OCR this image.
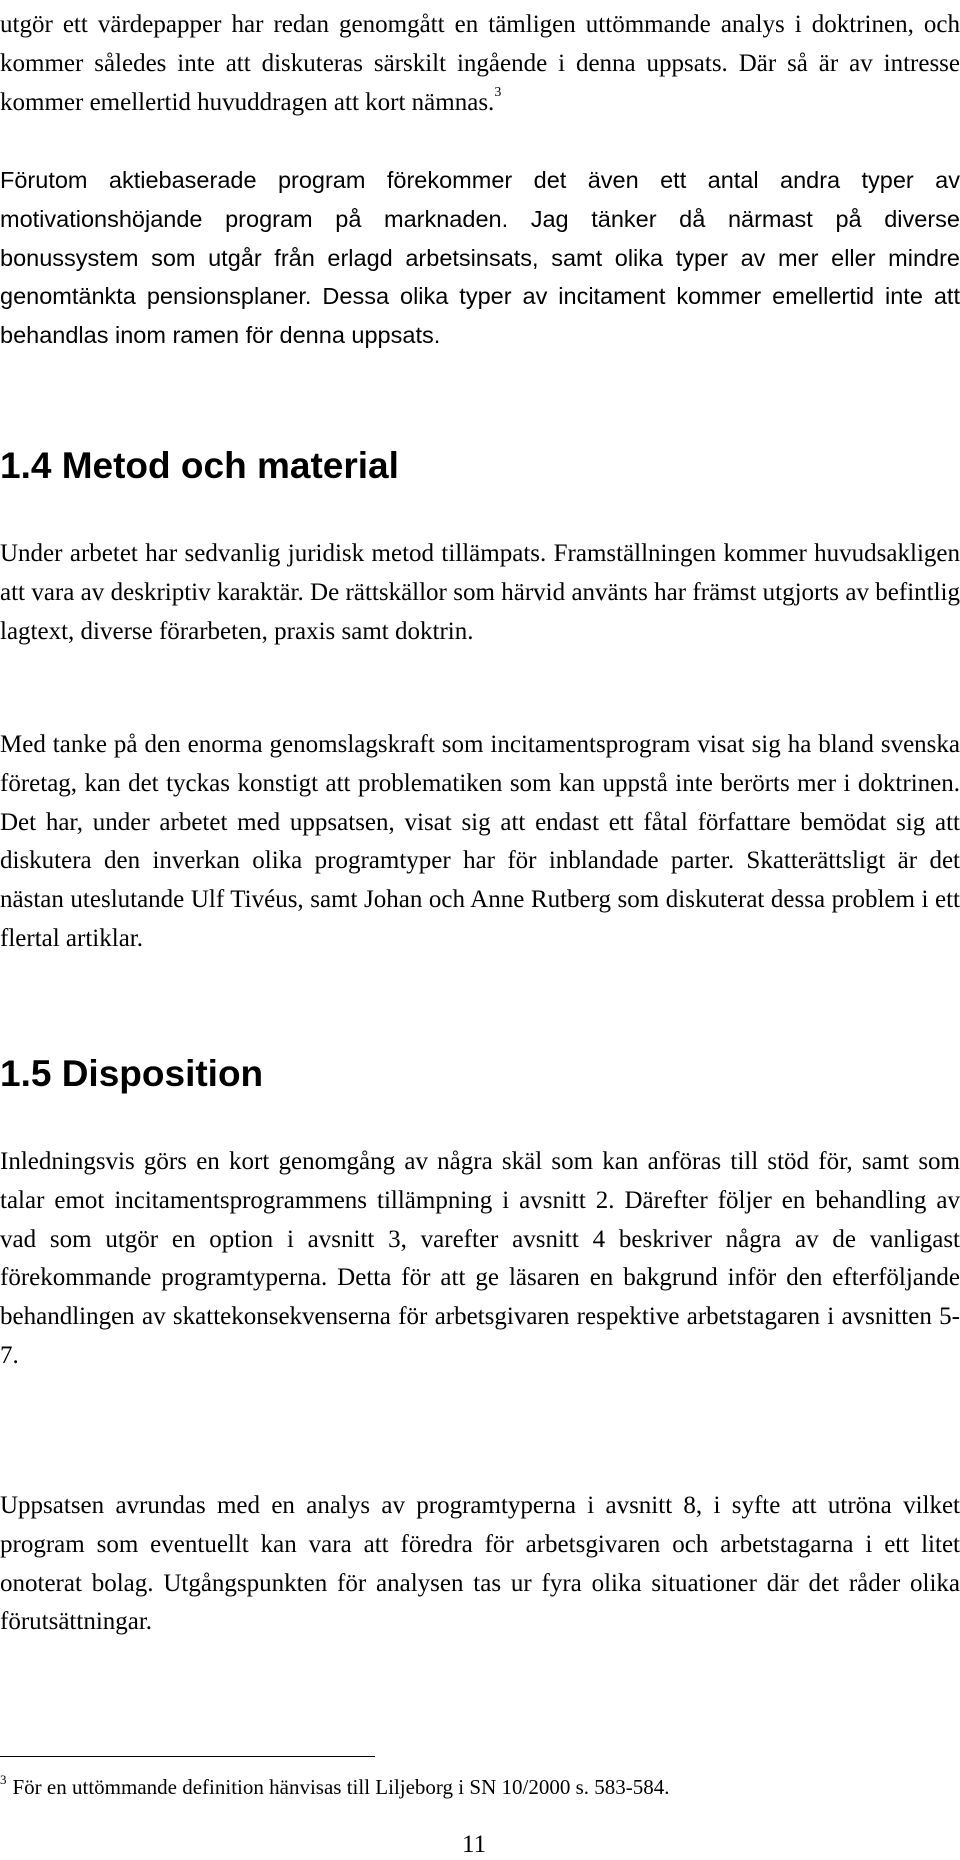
utgör ett värdepapper har redan genomgått en tämligen uttömmande analys i doktrinen, och kommer således inte att diskuteras särskilt ingående i denna uppsats. Där så är av intresse kommer emellertid huvuddragen att kort nämnas.$^3$

Förutom aktiebaserade program förekommer det även ett antal andra typer av motivationshöjande program på marknaden. Jag tänker då närmast på diverse bonussystem som utgår från erlagd arbetsinsats, samt olika typer av mer eller mindre genomtänkta pensionsplaner. Dessa olika typer av incitament kommer emellertid inte att behandlas inom ramen för denna uppsats.

1.4 Metod och material

Under arbetet har sedvanlig juridisk metod tillämpats. Framställningen kommer huvudsakligen att vara av deskriptiv karaktär. De rättskällor som härvid använts har främst utgjorts av befintlig lagtext, diverse förarbeten, praxis samt doktrin.

Med tanke på den enorma genomslagskraft som incitamentsprogram visat sig ha bland svenska företag, kan det tyckas konstigt att problematiken som kan uppstå inte berörts mer i doktrinen. Det har, under arbetet med uppsatsen, visat sig att endast ett fåtal författare bemödat sig att diskutera den inverkan olika programtyper har för inblandade parter. Skatterättsligt är det nästan uteslutande Ulf Tivéus, samt Johan och Anne Rutberg som diskuterat dessa problem i ett flertal artiklar.

1.5 Disposition

Inledningsvis görs en kort genomgång av några skäl som kan anföras till stöd för, samt som talar emot incitamentsprogrammens tillämpning i avsnitt 2. Därefter följer en behandling av vad som utgör en option i avsnitt 3, varefter avsnitt 4 beskriver några av de vanligast förekommande programtyperna. Detta för att ge läsaren en bakgrund inför den efterföljande behandlingen av skattekonsekvenserna för arbetsgivaren respektive arbetstagaren i avsnitten 5-7.

Uppsatsen avrundas med en analys av programtyperna i avsnitt 8, i syfte att utröna vilket program som eventuellt kan vara att föredra för arbetsgivaren och arbetstagarna i ett litet onoterat bolag. Utgångspunkten för analysen tas ur fyra olika situationer där det råder olika förutsättningar.

$^3$ För en uttömmande definition hänvisas till Liljeborg i SN 10/2000 s. 583-584.

11
